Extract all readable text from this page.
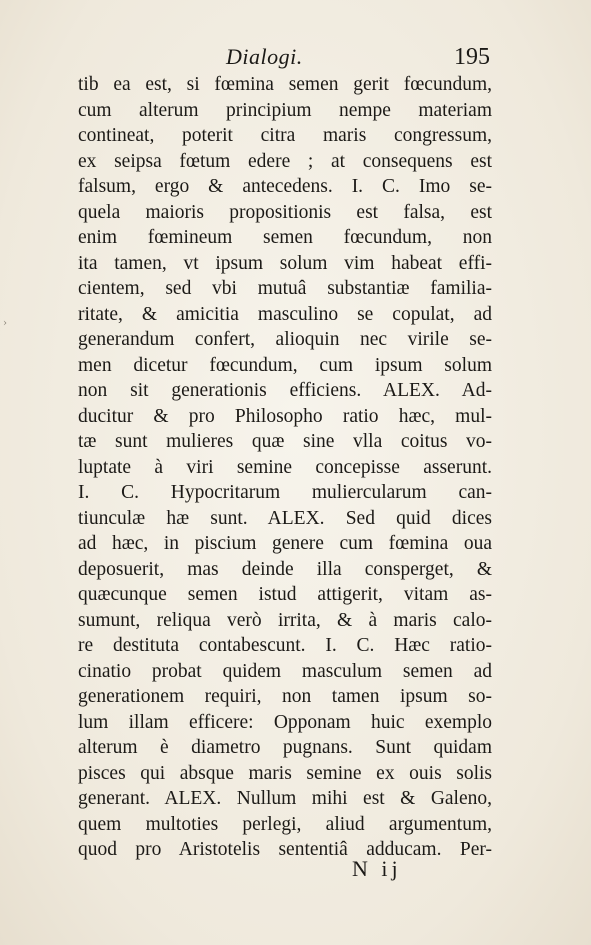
›
Dialogi.	195
tib ea est, si fœmina semen gerit fœcundum,
cum alterum principium nempe materiam
contineat, poterit citra maris congressum,
ex seipsa fœtum edere ; at consequens est
falsum, ergo & antecedens. I. C. Imo se-
quela maioris propositionis est falsa, est
enim fœmineum semen fœcundum, non
ita tamen, vt ipsum solum vim habeat effi-
cientem, sed vbi mutuâ substantiæ familia-
ritate, & amicitia masculino se copulat, ad
generandum confert, alioquin nec virile se-
men dicetur fœcundum, cum ipsum solum
non sit generationis efficiens. ALEX. Ad-
ducitur & pro Philosopho ratio hæc, mul-
tæ sunt mulieres quæ sine vlla coitus vo-
luptate à viri semine concepisse asserunt.
I. C. Hypocritarum muliercularum can-
tiunculæ hæ sunt. ALEX. Sed quid dices
ad hæc, in piscium genere cum fœmina oua
deposuerit, mas deinde illa consperget, &
quæcunque semen istud attigerit, vitam as-
sumunt, reliqua verò irrita, & à maris calo-
re destituta contabescunt. I. C. Hæc ratio-
cinatio probat quidem masculum semen ad
generationem requiri, non tamen ipsum so-
lum illam efficere: Opponam huic exemplo
alterum è diametro pugnans. Sunt quidam
pisces qui absque maris semine ex ouis solis
generant. ALEX. Nullum mihi est & Galeno,
quem multoties perlegi, aliud argumentum,
quod pro Aristotelis sententiâ adducam. Per-
N ij
